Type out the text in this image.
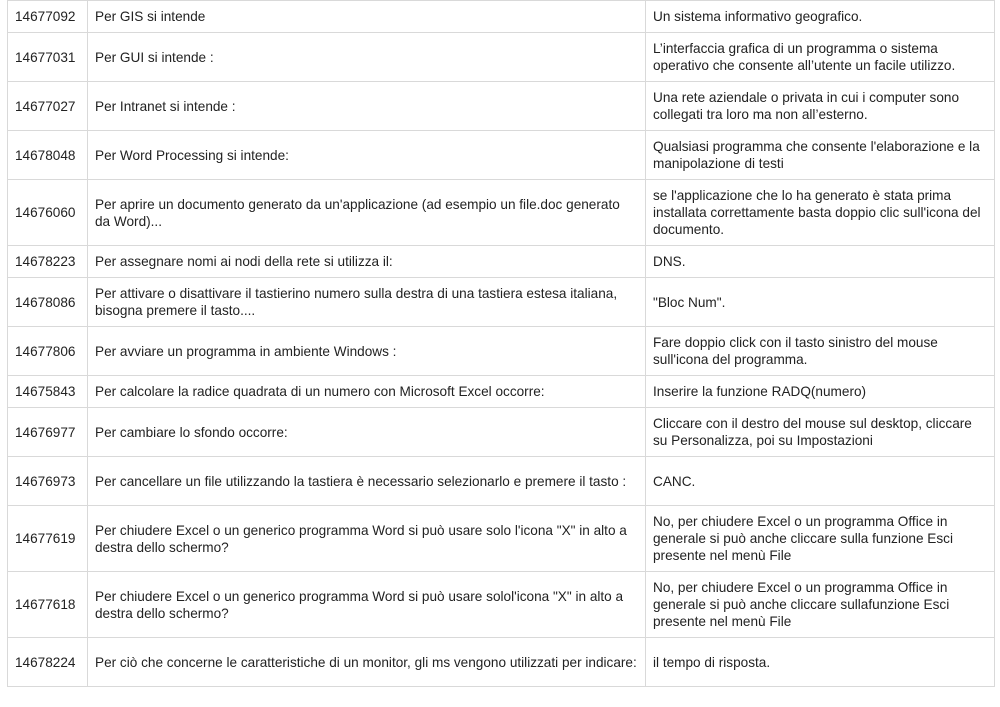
14677092	Per GIS si intende	Un sistema informativo geografico.
14677031	Per GUI si intende :	L’interfaccia grafica di un programma o sistema operativo che consente all’utente un facile utilizzo.
14677027	Per Intranet si intende :	Una rete aziendale o privata in cui i computer sono collegati tra loro ma non all’esterno.
14678048	Per Word Processing si intende:	Qualsiasi programma che consente l'elaborazione e la manipolazione di testi
14676060	Per aprire un documento generato da un'applicazione (ad esempio un file.doc generato da Word)...	se l'applicazione che lo ha generato è stata prima installata correttamente basta doppio clic sull'icona del documento.
14678223	Per assegnare nomi ai nodi della rete si utilizza il:	DNS.
14678086	Per attivare o disattivare il tastierino numero sulla destra di una tastiera estesa italiana, bisogna premere il tasto....	"Bloc Num".
14677806	Per avviare un programma in ambiente Windows :	Fare doppio click con il tasto sinistro del mouse sull'icona del programma.
14675843	Per calcolare la radice quadrata di un numero con Microsoft Excel occorre:	Inserire la funzione RADQ(numero)
14676977	Per cambiare lo sfondo occorre:	Cliccare con il destro del mouse sul desktop, cliccare su Personalizza, poi su Impostazioni
14676973	Per cancellare un file utilizzando la tastiera è necessario selezionarlo e premere il tasto :	CANC.
14677619	Per chiudere Excel o un generico programma Word si può usare solo l'icona "X" in alto a destra dello schermo?	No, per chiudere Excel o un programma Office in generale si può anche cliccare sulla funzione Esci presente nel menù File
14677618	Per chiudere Excel o un generico programma Word si può usare solol'icona "X" in alto a destra dello schermo?	No, per chiudere Excel o un programma Office in generale si può anche cliccare sullafunzione Esci presente nel menù File
14678224	Per ciò che concerne le caratteristiche di un monitor, gli ms vengono utilizzati per indicare:	il tempo di risposta.
